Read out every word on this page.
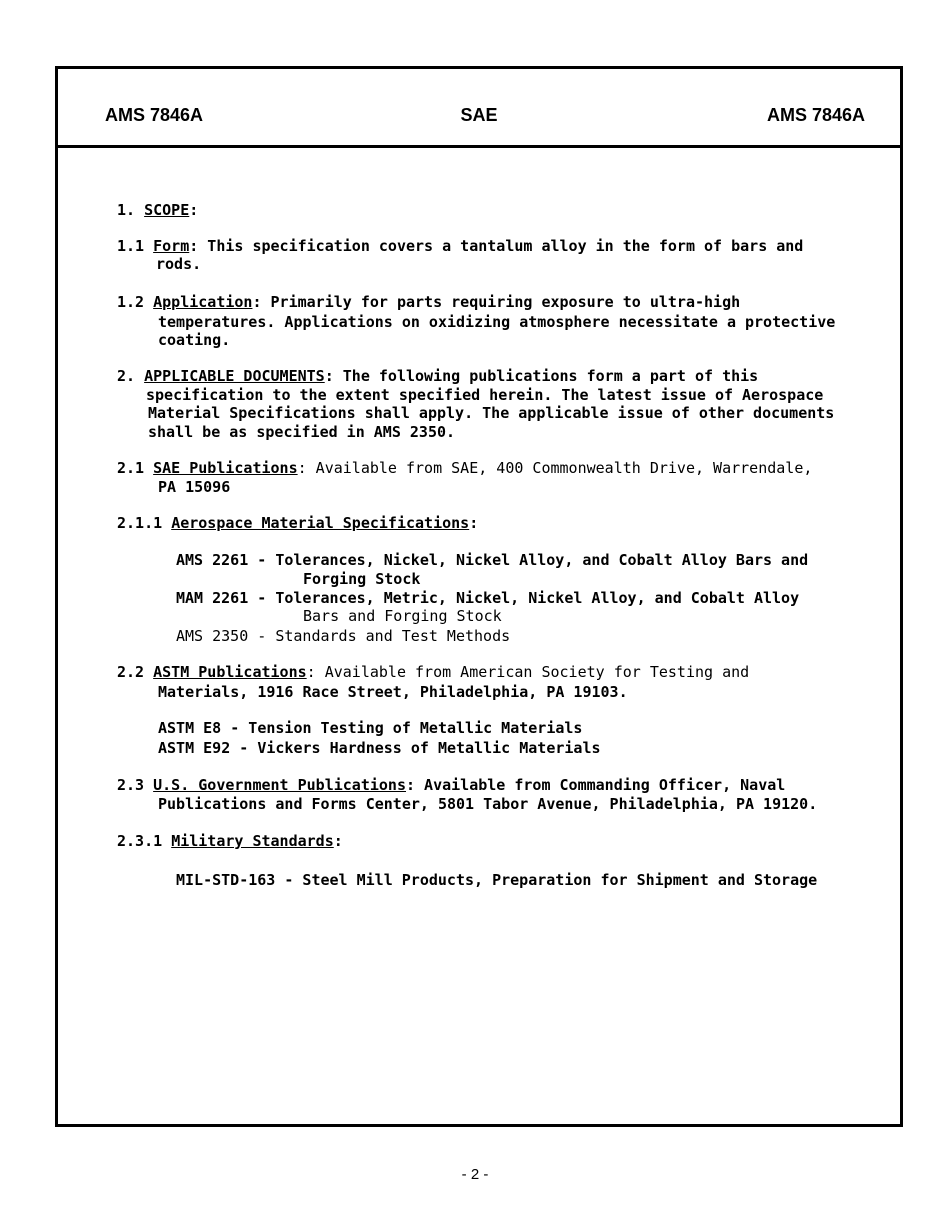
AMS 7846A	SAE	AMS 7846A
1. SCOPE:
1.1 Form: This specification covers a tantalum alloy in the form of bars and
rods.
1.2 Application: Primarily for parts requiring exposure to ultra-high
temperatures. Applications on oxidizing atmosphere necessitate a protective
coating.
2. APPLICABLE DOCUMENTS: The following publications form a part of this
specification to the extent specified herein. The latest issue of Aerospace
Material Specifications shall apply. The applicable issue of other documents
shall be as specified in AMS 2350.
2.1 SAE Publications: Available from SAE, 400 Commonwealth Drive, Warrendale,
PA 15096
2.1.1 Aerospace Material Specifications:
AMS 2261 - Tolerances, Nickel, Nickel Alloy, and Cobalt Alloy Bars and
Forging Stock
MAM 2261 - Tolerances, Metric, Nickel, Nickel Alloy, and Cobalt Alloy
Bars and Forging Stock
AMS 2350 - Standards and Test Methods
2.2 ASTM Publications: Available from American Society for Testing and
Materials, 1916 Race Street, Philadelphia, PA 19103.
ASTM E8 - Tension Testing of Metallic Materials
ASTM E92 - Vickers Hardness of Metallic Materials
2.3 U.S. Government Publications: Available from Commanding Officer, Naval
Publications and Forms Center, 5801 Tabor Avenue, Philadelphia, PA 19120.
2.3.1 Military Standards:
MIL-STD-163 - Steel Mill Products, Preparation for Shipment and Storage
- 2 -
